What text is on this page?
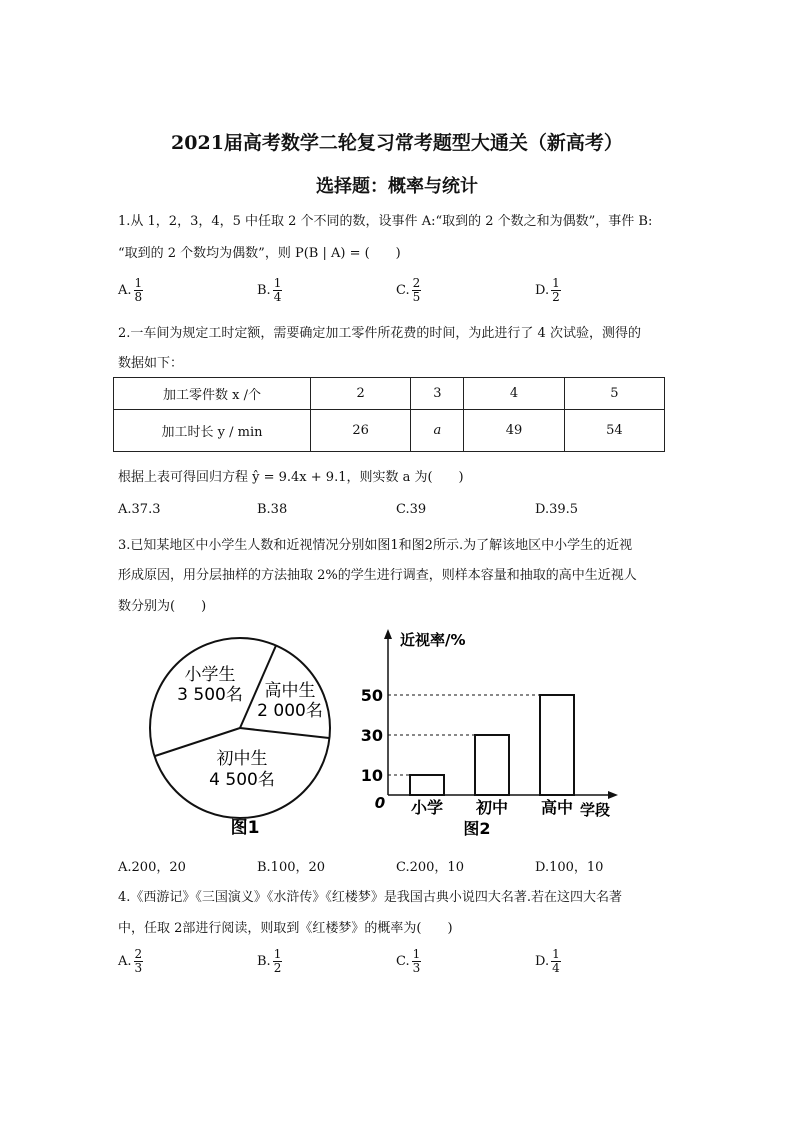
2021届高考数学二轮复习常考题型大通关（新高考）
选择题：概率与统计
1.从 1，2，3，4，5 中任取 2 个不同的数，设事件 A:“取到的 2 个数之和为偶数”，事件 B:
“取到的 2 个数均为偶数”，则 P(B | A) = (　　)
A. $\frac{1}{8}$	B. $\frac{1}{4}$	C. $\frac{2}{5}$	D. $\frac{1}{2}$
2.一车间为规定工时定额，需要确定加工零件所花费的时间，为此进行了 4 次试验，测得的
数据如下：
加工零件数 x /个	2	3	4	5
加工时长 y / min	26	a	49	54
根据上表可得回归方程 ŷ = 9.4x + 9.1，则实数 a 为(　　)
A.37.3	B.38	C.39	D.39.5
3.已知某地区中小学生人数和近视情况分别如图1和图2所示.为了解该地区中小学生的近视
形成原因，用分层抽样的方法抽取 2%的学生进行调查，则样本容量和抽取的高中生近视人
数分别为(　　)
小学生
3 500名 高中生
2 000名
初中生
4 500名
图1
近视率/%
学段
0
图2
10
30
50
小学 初中 高中
A.200，20	B.100，20	C.200，10	D.100，10
4.《西游记》《三国演义》《水浒传》《红楼梦》是我国古典小说四大名著.若在这四大名著
中，任取 2部进行阅读，则取到《红楼梦》的概率为(　　)
A. $\frac{2}{3}$	B. $\frac{1}{2}$	C. $\frac{1}{3}$	D. $\frac{1}{4}$
